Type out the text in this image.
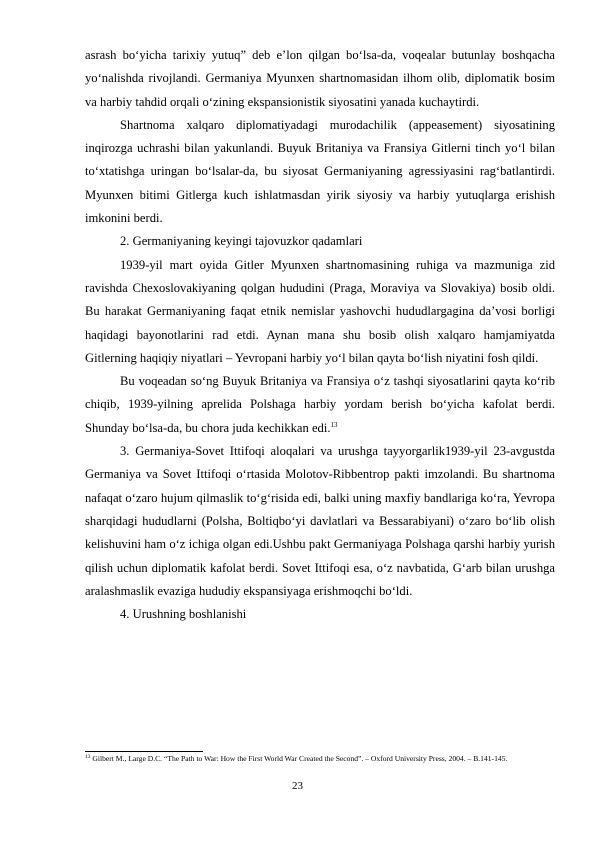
asrash boʻyicha tarixiy yutuq” deb e’lon qilgan boʻlsa-da, voqealar butunlay boshqacha yoʻnalishda rivojlandi. Germaniya Myunxen shartnomasidan ilhom olib, diplomatik bosim va harbiy tahdid orqali oʻzining ekspansionistik siyosatini yanada kuchaytirdi.

Shartnoma xalqaro diplomatiyadagi murodachilik (appeasement) siyosatining inqirozga uchrashi bilan yakunlandi. Buyuk Britaniya va Fransiya Gitlerni tinch yoʻl bilan toʻxtatishga uringan boʻlsalar-da, bu siyosat Germaniyaning agressiyasini ragʻbatlantirdi. Myunxen bitimi Gitlerga kuch ishlatmasdan yirik siyosiy va harbiy yutuqlarga erishish imkonini berdi.

2. Germaniyaning keyingi tajovuzkor qadamlari

1939-yil mart oyida Gitler Myunxen shartnomasining ruhiga va mazmuniga zid ravishda Chexoslovakiyaning qolgan hududini (Praga, Moraviya va Slovakiya) bosib oldi. Bu harakat Germaniyaning faqat etnik nemislar yashovchi hududlargagina da’vosi borligi haqidagi bayonotlarini rad etdi. Aynan mana shu bosib olish xalqaro hamjamiyatda Gitlerning haqiqiy niyatlari – Yevropani harbiy yoʻl bilan qayta boʻlish niyatini fosh qildi.

Bu voqeadan soʻng Buyuk Britaniya va Fransiya oʻz tashqi siyosatlarini qayta koʻrib chiqib, 1939-yilning aprelida Polshaga harbiy yordam berish boʻyicha kafolat berdi. Shunday boʻlsa-da, bu chora juda kechikkan edi.$^{13}$

3. Germaniya-Sovet Ittifoqi aloqalari va urushga tayyorgarlik1939-yil 23-avgustda Germaniya va Sovet Ittifoqi oʻrtasida Molotov-Ribbentrop pakti imzolandi. Bu shartnoma nafaqat oʻzaro hujum qilmaslik toʻgʻrisida edi, balki uning maxfiy bandlariga koʻra, Yevropa sharqidagi hududlarni (Polsha, Boltiqboʻyi davlatlari va Bessarabiyani) oʻzaro boʻlib olish kelishuvini ham oʻz ichiga olgan edi.Ushbu pakt Germaniyaga Polshaga qarshi harbiy yurish qilish uchun diplomatik kafolat berdi. Sovet Ittifoqi esa, oʻz navbatida, Gʻarb bilan urushga aralashmaslik evaziga hududiy ekspansiyaga erishmoqchi boʻldi.

4. Urushning boshlanishi

$^{13}$ Gilbert M., Large D.C. “The Path to War: How the First World War Created the Second”. – Oxford University Press, 2004. – B.141-145.

23
